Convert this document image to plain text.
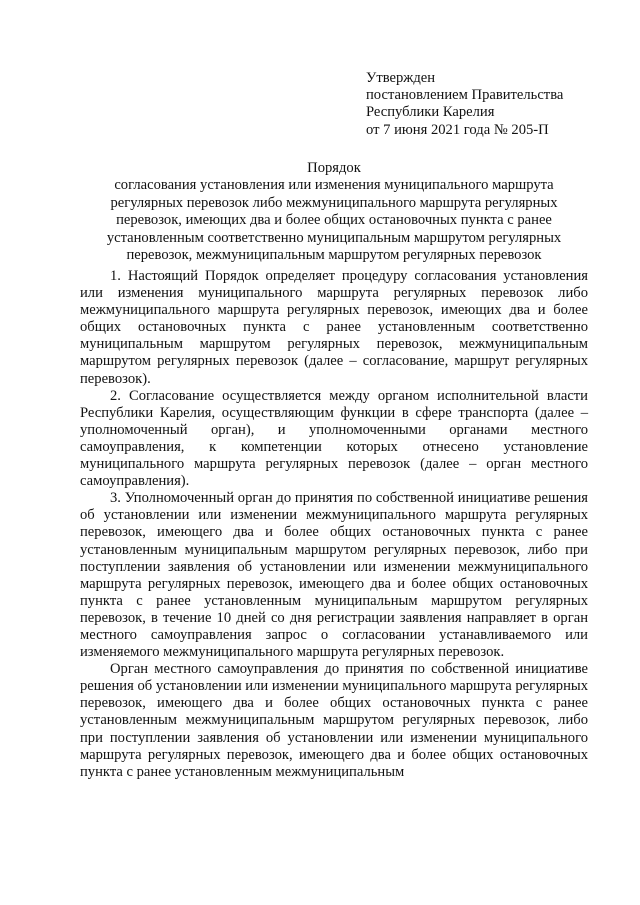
Утвержден
постановлением Правительства
Республики Карелия
от 7 июня 2021 года № 205-П
Порядок
согласования установления или изменения муниципального маршрута
регулярных перевозок либо межмуниципального маршрута регулярных
перевозок, имеющих два и более общих остановочных пункта с ранее
установленным соответственно муниципальным маршрутом регулярных
перевозок, межмуниципальным маршрутом регулярных перевозок

1. Настоящий Порядок определяет процедуру согласования установления или изменения муниципального маршрута регулярных перевозок либо межмуниципального маршрута регулярных перевозок, имеющих два и более общих остановочных пункта с ранее установленным соответственно муниципальным маршрутом регулярных перевозок, межмуниципальным маршрутом регулярных перевозок (далее – согласование, маршрут регулярных перевозок).

2. Согласование осуществляется между органом исполнительной власти Республики Карелия, осуществляющим функции в сфере транспорта (далее – уполномоченный орган), и уполномоченными органами местного самоуправления, к компетенции которых отнесено установление муниципального маршрута регулярных перевозок (далее – орган местного самоуправления).

3. Уполномоченный орган до принятия по собственной инициативе решения об установлении или изменении межмуниципального маршрута регулярных перевозок, имеющего два и более общих остановочных пункта с ранее установленным муниципальным маршрутом регулярных перевозок, либо при поступлении заявления об установлении или изменении межмуниципального маршрута регулярных перевозок, имеющего два и более общих остановочных пункта с ранее установленным муниципальным маршрутом регулярных перевозок, в течение 10 дней со дня регистрации заявления направляет в орган местного самоуправления запрос о согласовании устанавливаемого или изменяемого межмуниципального маршрута регулярных перевозок.

Орган местного самоуправления до принятия по собственной инициативе решения об установлении или изменении муниципального маршрута регулярных перевозок, имеющего два и более общих остановочных пункта с ранее установленным межмуниципальным маршрутом регулярных перевозок, либо при поступлении заявления об установлении или изменении муниципального маршрута регулярных перевозок, имеющего два и более общих остановочных пункта с ранее установленным межмуниципальным
